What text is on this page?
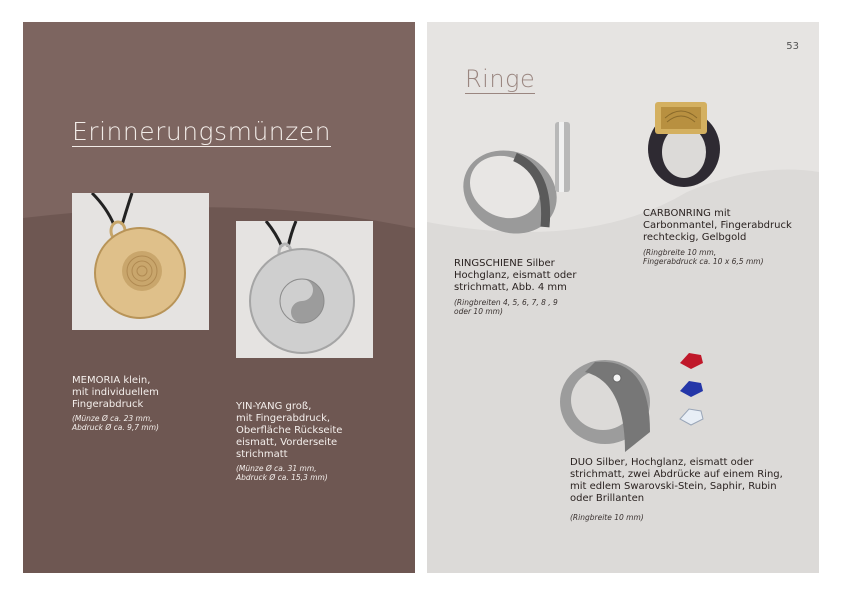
Erinnerungsmünzen
MEMORIA klein,
mit individuellem
Fingerabdruck
(Münze Ø ca. 23 mm,
Abdruck Ø ca. 9,7 mm)
YIN-YANG groß,
mit Fingerabdruck,
Oberfläche Rückseite
eismatt, Vorderseite
strichmatt
(Münze Ø ca. 31 mm,
Abdruck Ø ca. 15,3 mm)
53
Ringe
RINGSCHIENE Silber
Hochglanz, eismatt oder
strichmatt, Abb. 4 mm
(Ringbreiten 4, 5, 6, 7, 8 , 9
oder 10 mm)
CARBONRING mit
Carbonmantel, Fingerabdruck
rechteckig, Gelbgold
(Ringbreite 10 mm,
Fingerabdruck ca. 10 x 6,5 mm)
DUO Silber, Hochglanz, eismatt oder
strichmatt, zwei Abdrücke auf einem Ring,
mit edlem Swarovski-Stein, Saphir, Rubin
oder Brillanten
(Ringbreite 10 mm)
